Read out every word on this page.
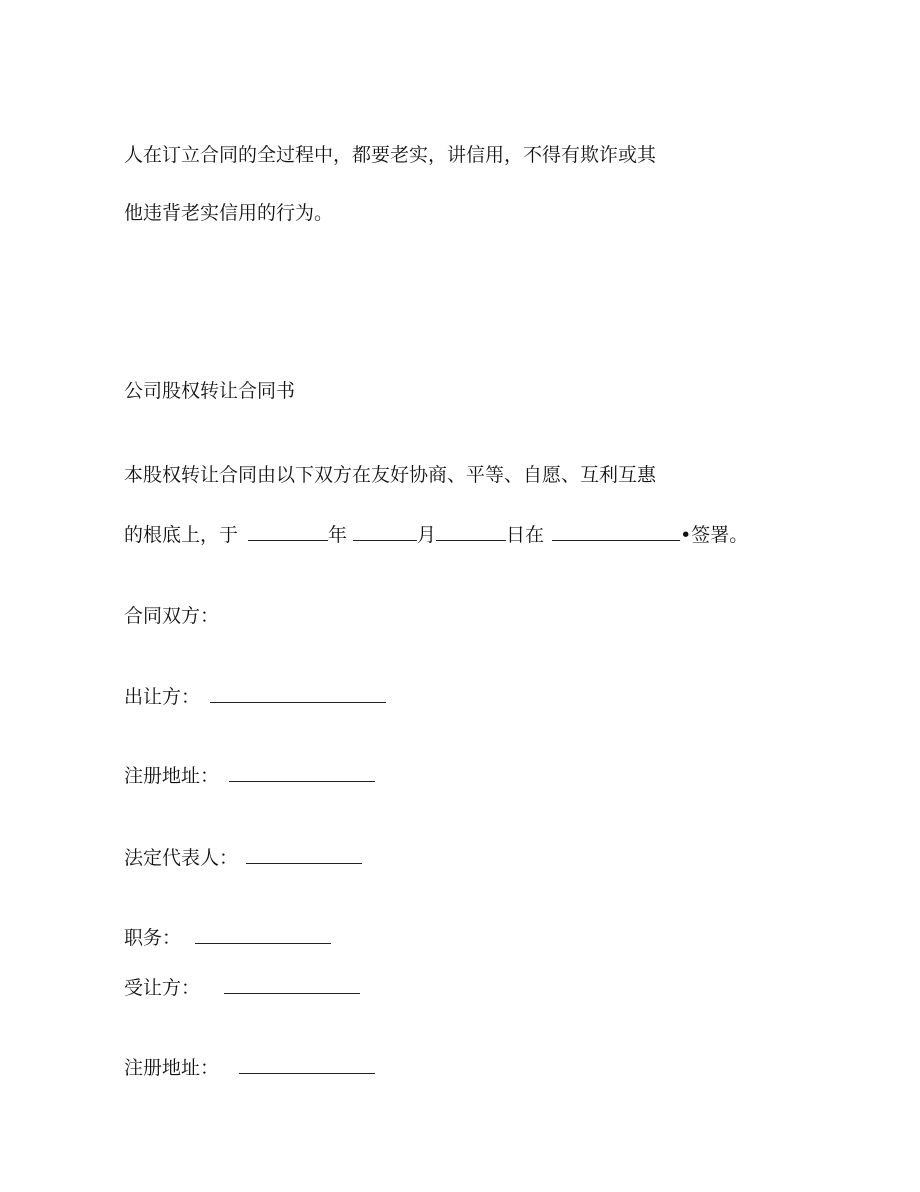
人在订立合同的全过程中，都要老实，讲信用，不得有欺诈或其
他违背老实信用的行为。
公司股权转让合同书
本股权转让合同由以下双方在友好协商、平等、自愿、互利互惠
的根底上，于	年	月	日在	•签署。
合同双方：
出让方：
注册地址：
法定代表人：
职务：
受让方：
注册地址：
